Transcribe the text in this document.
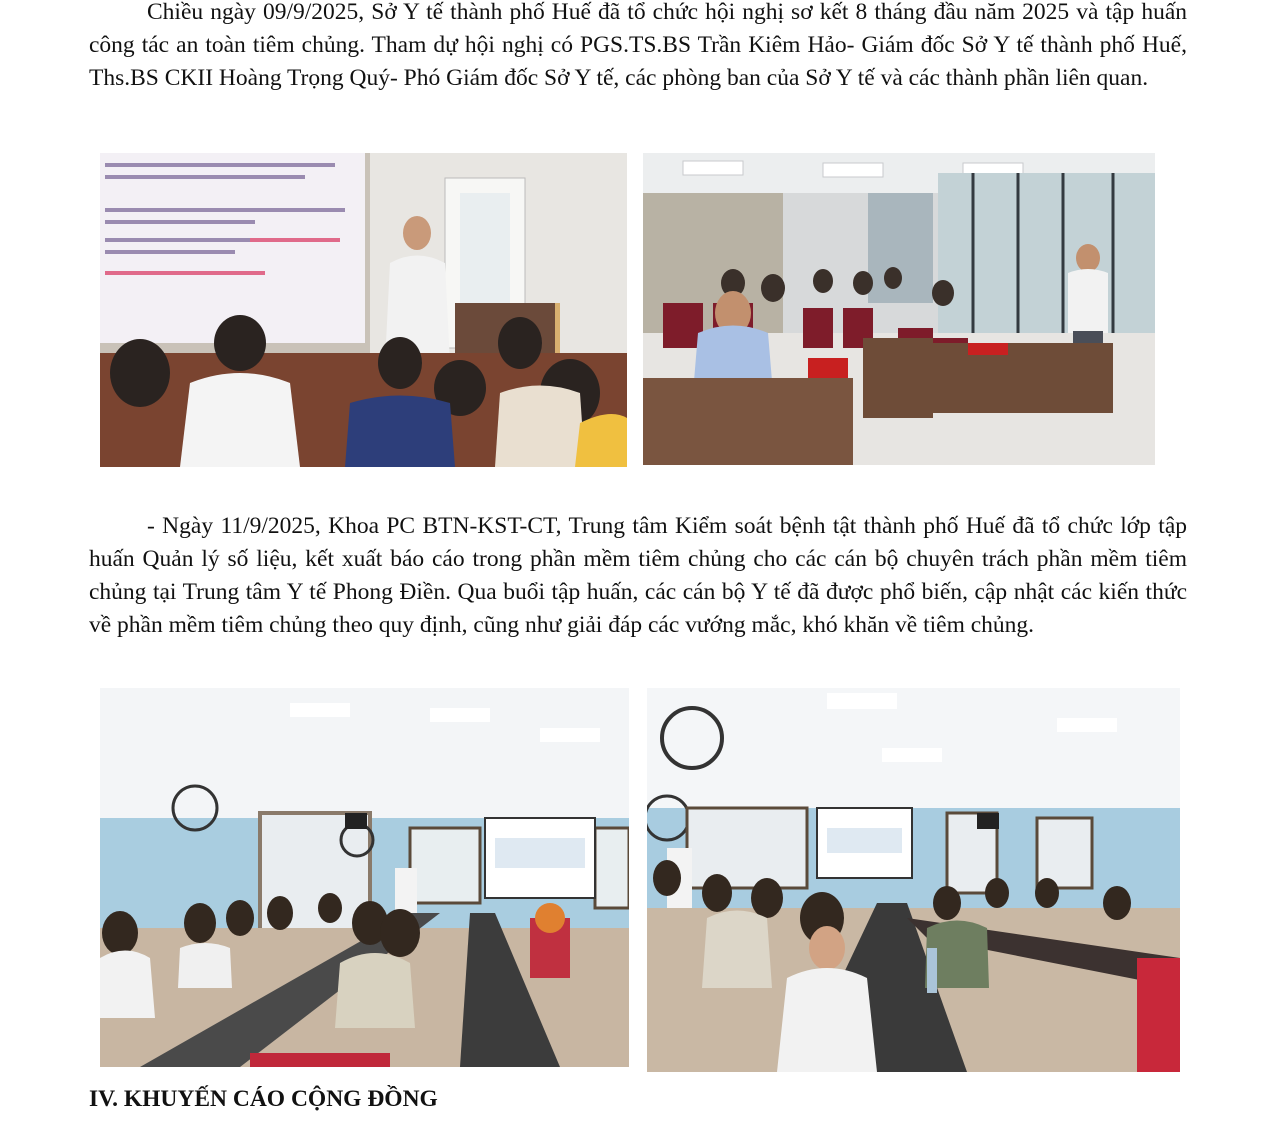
Chiều ngày 09/9/2025, Sở Y tế thành phố Huế đã tổ chức hội nghị sơ kết 8 tháng đầu năm 2025 và tập huấn công tác an toàn tiêm chủng. Tham dự hội nghị có PGS.TS.BS Trần Kiêm Hảo- Giám đốc Sở Y tế thành phố Huế, Ths.BS CKII Hoàng Trọng Quý- Phó Giám đốc Sở Y tế, các phòng ban của Sở Y tế và các thành phần liên quan.

- Ngày 11/9/2025, Khoa PC BTN-KST-CT, Trung tâm Kiểm soát bệnh tật thành phố Huế đã tổ chức lớp tập huấn Quản lý số liệu, kết xuất báo cáo trong phần mềm tiêm chủng cho các cán bộ chuyên trách phần mềm tiêm chủng tại Trung tâm Y tế Phong Điền. Qua buổi tập huấn, các cán bộ Y tế đã được phổ biến, cập nhật các kiến thức về phần mềm tiêm chủng theo quy định, cũng như giải đáp các vướng mắc, khó khăn về tiêm chủng.

IV. KHUYẾN CÁO CỘNG ĐỒNG
